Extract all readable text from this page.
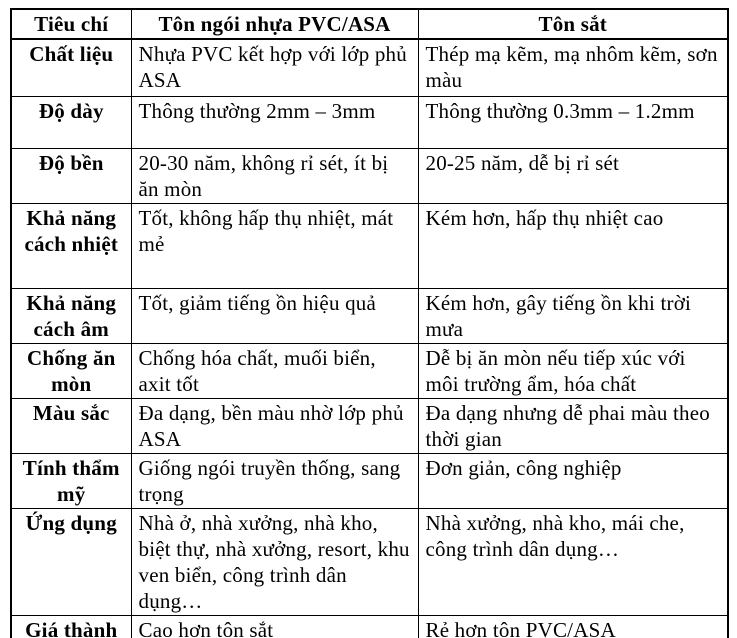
Tiêu chí	Tôn ngói nhựa PVC/ASA	Tôn sắt
Chất liệu	Nhựa PVC kết hợp với lớp phủ ASA	Thép mạ kẽm, mạ nhôm kẽm, sơn màu
Độ dày	Thông thường 2mm – 3mm	Thông thường 0.3mm – 1.2mm
Độ bền	20-30 năm, không rỉ sét, ít bị ăn mòn	20-25 năm, dễ bị rỉ sét
Khả năng cách nhiệt	Tốt, không hấp thụ nhiệt, mát mẻ	Kém hơn, hấp thụ nhiệt cao
Khả năng cách âm	Tốt, giảm tiếng ồn hiệu quả	Kém hơn, gây tiếng ồn khi trời mưa
Chống ăn mòn	Chống hóa chất, muối biển, axit tốt	Dễ bị ăn mòn nếu tiếp xúc với môi trường ẩm, hóa chất
Màu sắc	Đa dạng, bền màu nhờ lớp phủ ASA	Đa dạng nhưng dễ phai màu theo thời gian
Tính thẩm mỹ	Giống ngói truyền thống, sang trọng	Đơn giản, công nghiệp
Ứng dụng	Nhà ở, nhà xưởng, nhà kho, biệt thự, nhà xưởng, resort, khu ven biển, công trình dân dụng…	Nhà xưởng, nhà kho, mái che, công trình dân dụng…
Giá thành	Cao hơn tôn sắt	Rẻ hơn tôn PVC/ASA
